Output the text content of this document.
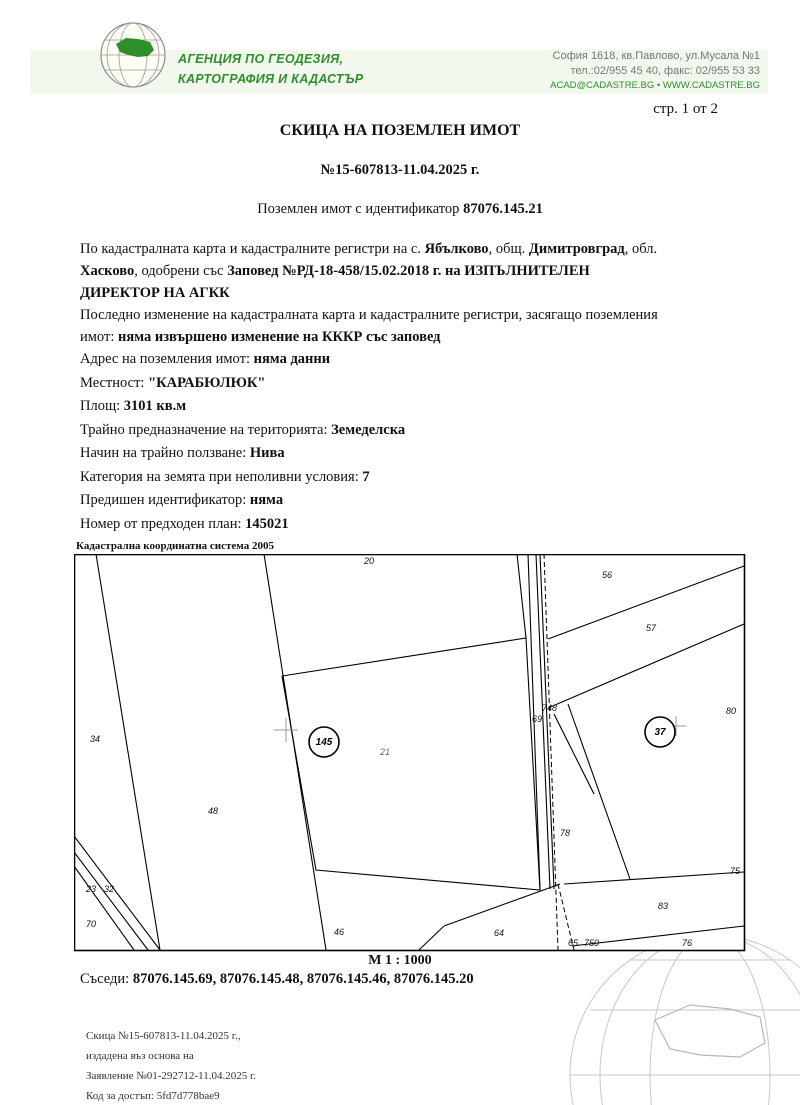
АГЕНЦИЯ ПО ГЕОДЕЗИЯ,
КАРТОГРАФИЯ И КАДАСТЪР
София 1618, кв.Павлово, ул.Мусала №1
тел.:02/955 45 40, факс: 02/955 53 33
ACAD@CADASTRE.BG • WWW.CADASTRE.BG
стр. 1 от 2
СКИЦА НА ПОЗЕМЛЕН ИМОТ
№15-607813-11.04.2025 г.
Поземлен имот с идентификатор 87076.145.21
По кадастралната карта и кадастралните регистри на с. Ябълково, общ. Димитровград, обл.
Хасково, одобрени със Заповед №РД-18-458/15.02.2018 г. на ИЗПЪЛНИТЕЛЕН
ДИРЕКТОР НА АГКК
Последно изменение на кадастралната карта и кадастралните регистри, засягащо поземления
имот: няма извършено изменение на КККР със заповед
Адрес на поземления имот: няма данни
Местност: "КАРАБЮЛЮК"
Площ: 3101 кв.м
Трайно предназначение на територията: Земеделска
Начин на трайно ползване: Нива
Категория на земята при неполивни условия: 7
Предишен идентификатор: няма
Номер от предходен план: 145021
Кадастрална координатна система 2005
145
37
20
56
57
80
34
48
21
748
69
78
75
83
23 32
70
46	64
65 750	76
М 1 : 1000
Съседи: 87076.145.69, 87076.145.48, 87076.145.46, 87076.145.20
Скица №15-607813-11.04.2025 г.,
издадена въз основа на
Заявление №01-292712-11.04.2025 г.
Код за достъп: 5fd7d778bae9
